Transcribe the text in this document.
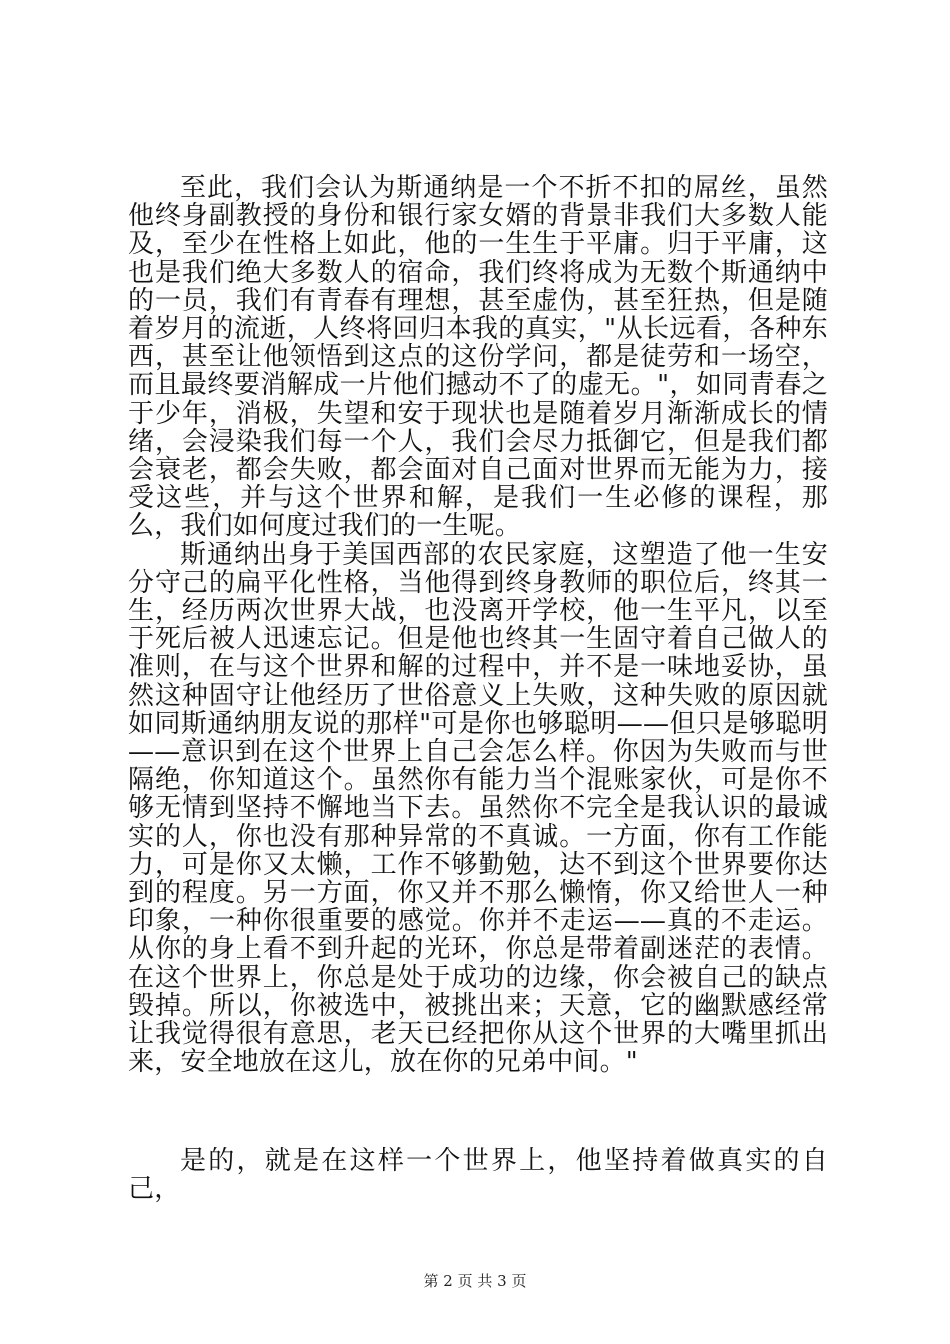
至此，我们会认为斯通纳是一个不折不扣的屌丝，虽然他终身副教授的身份和银行家女婿的背景非我们大多数人能及，至少在性格上如此，他的一生生于平庸。归于平庸，这也是我们绝大多数人的宿命，我们终将成为无数个斯通纳中的一员，我们有青春有理想，甚至虚伪，甚至狂热，但是随着岁月的流逝，人终将回归本我的真实，"从长远看，各种东西，甚至让他领悟到这点的这份学问，都是徒劳和一场空，而且最终要消解成一片他们撼动不了的虚无。"，如同青春之于少年，消极，失望和安于现状也是随着岁月渐渐成长的情绪，会浸染我们每一个人，我们会尽力抵御它，但是我们都会衰老，都会失败，都会面对自己面对世界而无能为力，接受这些，并与这个世界和解，是我们一生必修的课程，那么，我们如何度过我们的一生呢。

斯通纳出身于美国西部的农民家庭，这塑造了他一生安分守己的扁平化性格，当他得到终身教师的职位后，终其一生，经历两次世界大战，也没离开学校，他一生平凡，以至于死后被人迅速忘记。但是他也终其一生固守着自己做人的准则，在与这个世界和解的过程中，并不是一味地妥协，虽然这种固守让他经历了世俗意义上失败，这种失败的原因就如同斯通纳朋友说的那样"可是你也够聪明——但只是够聪明——意识到在这个世界上自己会怎么样。你因为失败而与世隔绝，你知道这个。虽然你有能力当个混账家伙，可是你不够无情到坚持不懈地当下去。虽然你不完全是我认识的最诚实的人，你也没有那种异常的不真诚。一方面，你有工作能力，可是你又太懒，工作不够勤勉，达不到这个世界要你达到的程度。另一方面，你又并不那么懒惰，你又给世人一种印象，一种你很重要的感觉。你并不走运——真的不走运。从你的身上看不到升起的光环，你总是带着副迷茫的表情。在这个世界上，你总是处于成功的边缘，你会被自己的缺点毁掉。所以，你被选中，被挑出来；天意，它的幽默感经常让我觉得很有意思，老天已经把你从这个世界的大嘴里抓出来，安全地放在这儿，放在你的兄弟中间。"

是的，就是在这样一个世界上，他坚持着做真实的自己，

第 2 页 共 3 页
